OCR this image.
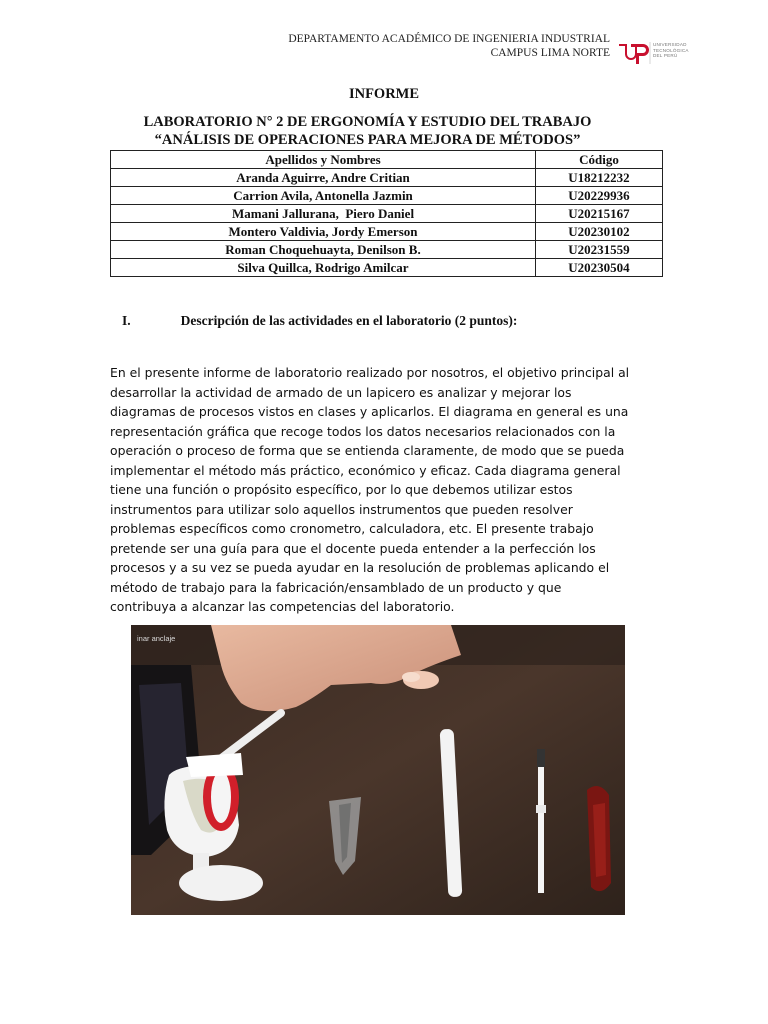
DEPARTAMENTO ACADÉMICO DE INGENIERIA INDUSTRIAL
CAMPUS LIMA NORTE
UNIVERSIDAD
TECNOLÓGICA
DEL PERÚ
INFORME
LABORATORIO N° 2 DE ERGONOMÍA Y ESTUDIO DEL TRABAJO
“ANÁLISIS DE OPERACIONES PARA MEJORA DE MÉTODOS”
Apellidos y Nombres	Código
Aranda Aguirre, Andre Critian	U18212232
Carrion Avila, Antonella Jazmin	U20229936
Mamani Jallurana,  Piero Daniel	U20215167
Montero Valdivia, Jordy Emerson	U20230102
Roman Choquehuayta, Denilson B.	U20231559
Silva Quillca, Rodrigo Amilcar	U20230504
I.	Descripción de las actividades en el laboratorio (2 puntos):
En el presente informe de laboratorio realizado por nosotros, el objetivo principal al desarrollar la actividad de armado de un lapicero es analizar y mejorar los diagramas de procesos vistos en clases y aplicarlos. El diagrama en general es una representación gráfica que recoge todos los datos necesarios relacionados con la operación o proceso de forma que se entienda claramente, de modo que se pueda implementar el método más práctico, económico y eficaz. Cada diagrama general tiene una función o propósito específico, por lo que debemos utilizar estos instrumentos para utilizar solo aquellos instrumentos que pueden resolver problemas específicos como cronometro, calculadora, etc. El presente trabajo pretende ser una guía para que el docente pueda entender a la perfección los procesos y a su vez se pueda ayudar en la resolución de problemas aplicando el método de trabajo para la fabricación/ensamblado de un producto y que contribuya a alcanzar las competencias del laboratorio.
inar anclaje
